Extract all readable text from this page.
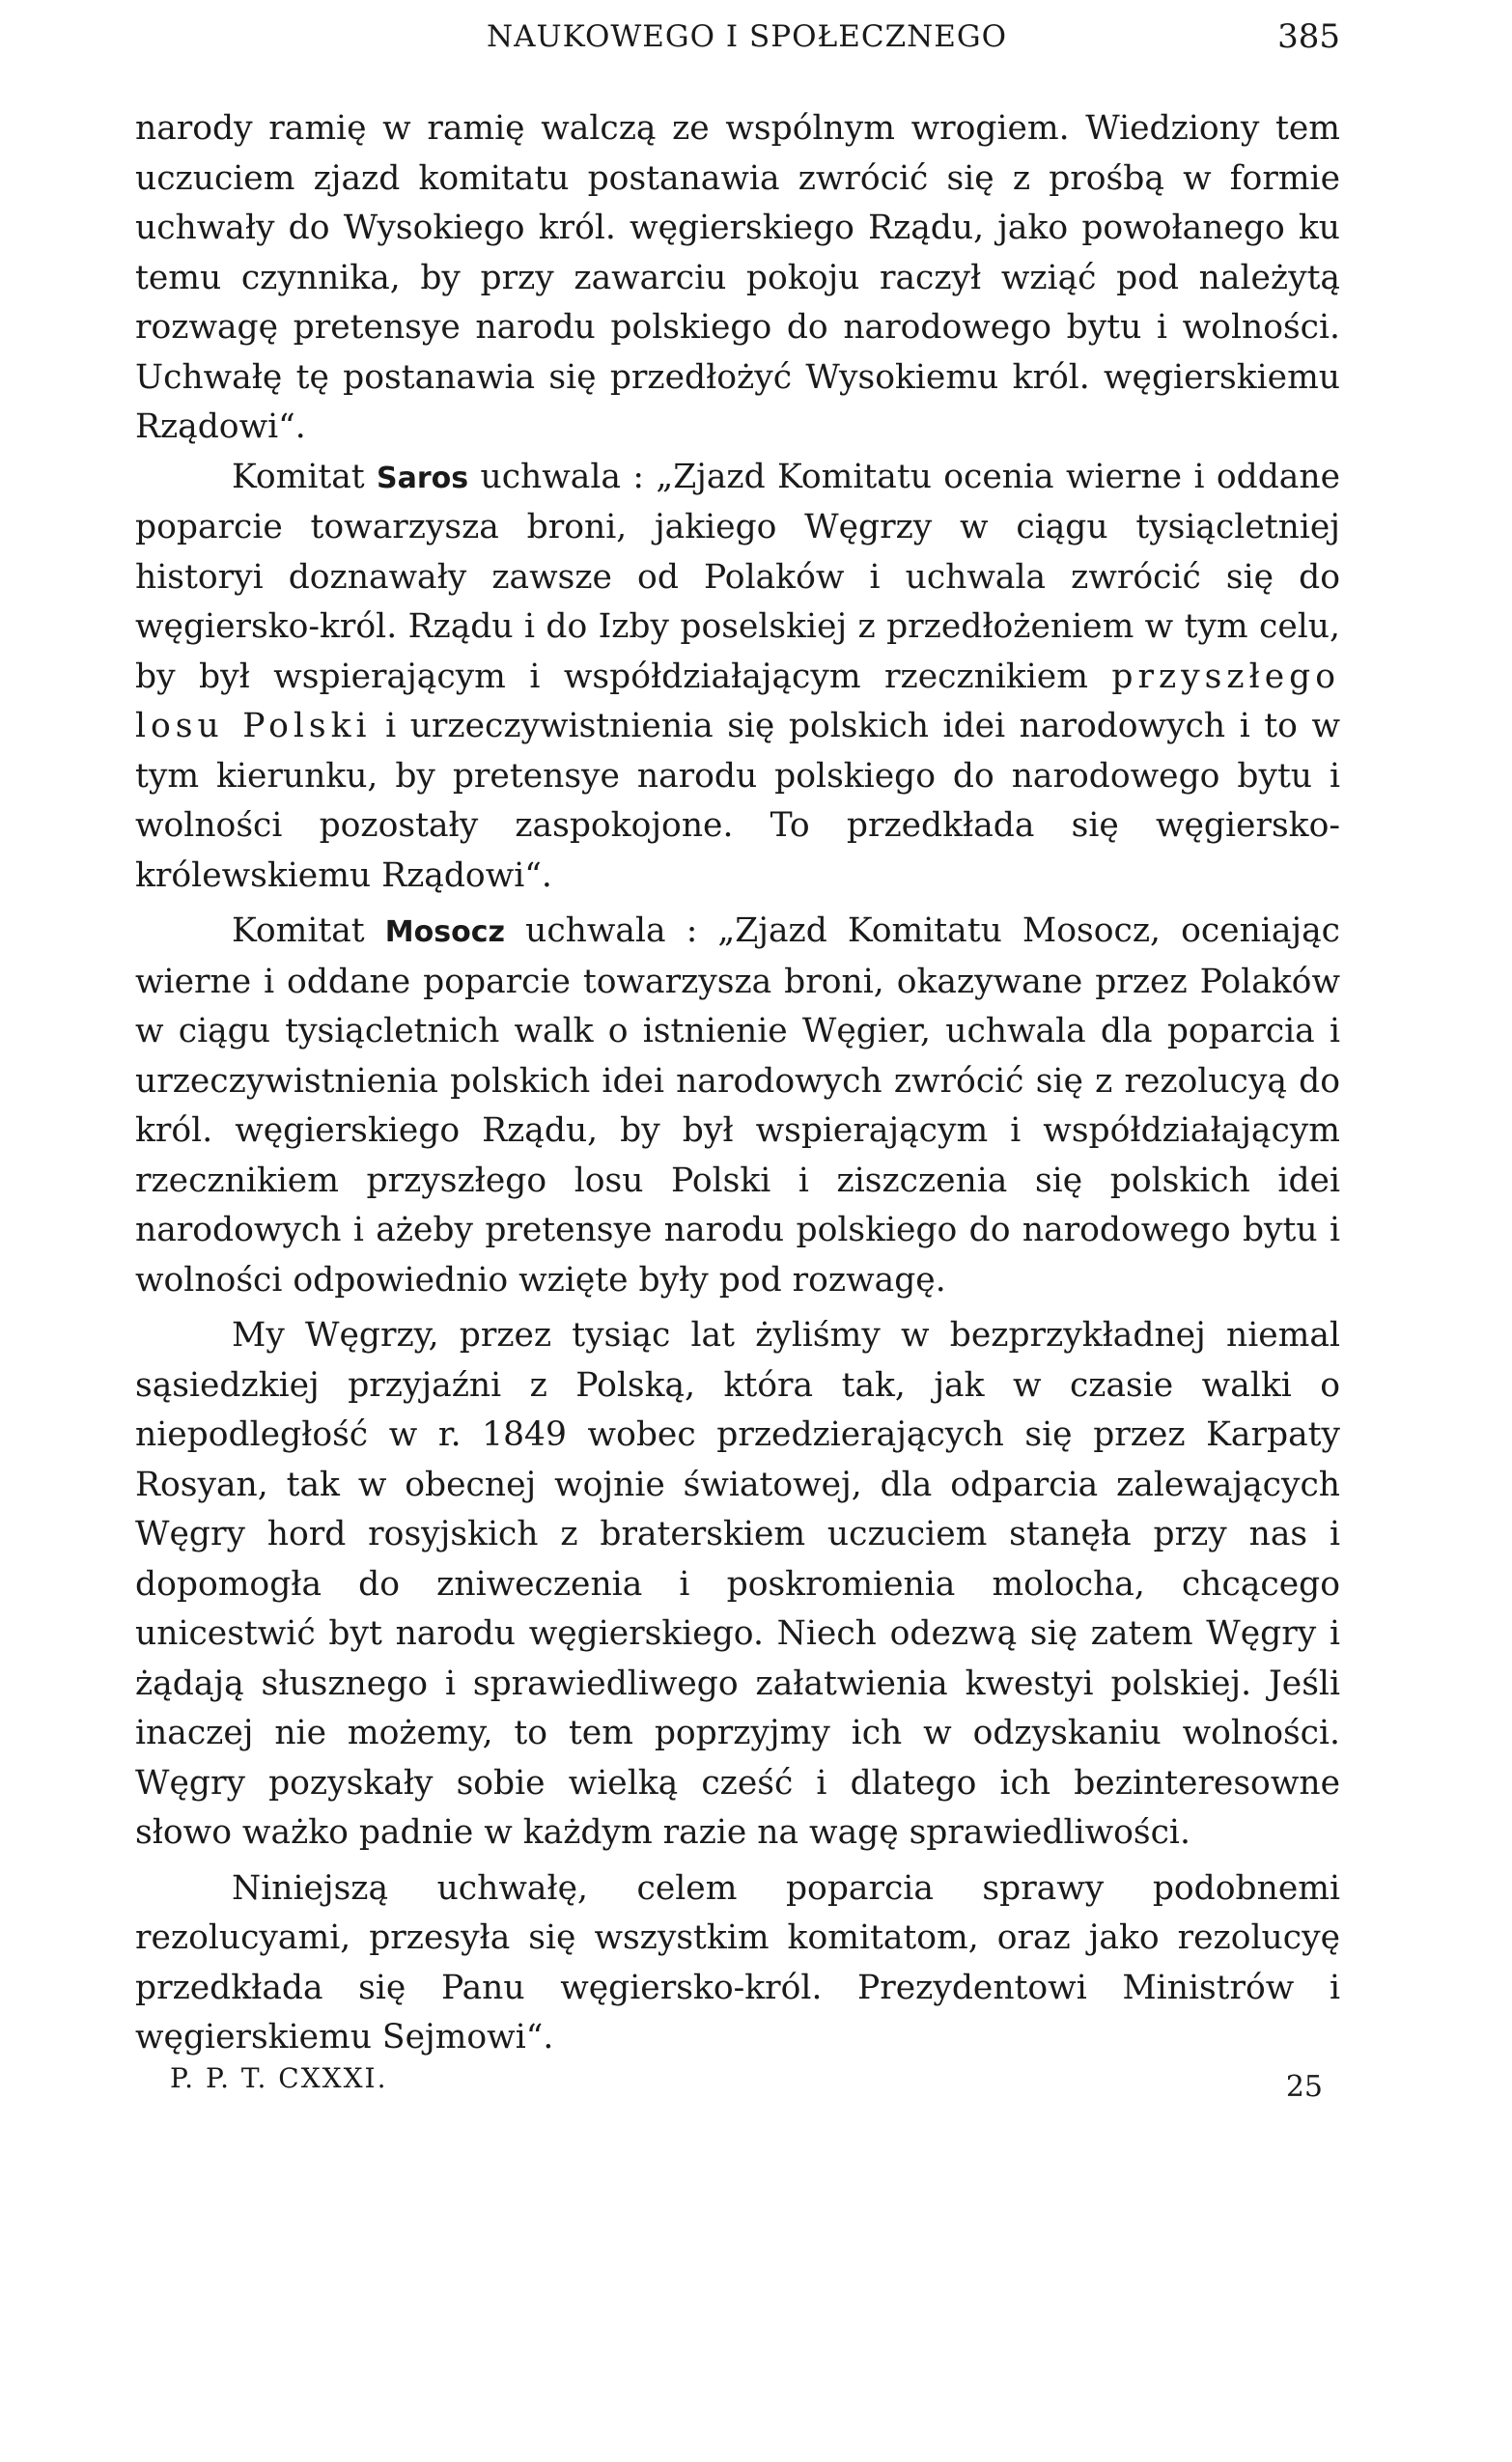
NAUKOWEGO I SPOŁECZNEGO	385

narody ramię w ramię walczą ze wspólnym wrogiem. Wiedziony tem uczuciem zjazd komitatu postanawia zwrócić się z prośbą w formie uchwały do Wysokiego król. węgierskiego Rządu, jako powołanego ku temu czynnika, by przy zawarciu pokoju raczył wziąć pod należytą rozwagę pretensye narodu polskiego do narodowego bytu i wolności. Uchwałę tę postanawia się przedłożyć Wysokiemu król. węgierskiemu Rządowi“.

Komitat Saros uchwala : „Zjazd Komitatu ocenia wierne i oddane poparcie towarzysza broni, jakiego Węgrzy w ciągu tysiącletniej historyi doznawały zawsze od Polaków i uchwala zwrócić się do węgiersko-król. Rządu i do Izby poselskiej z przedłożeniem w tym celu, by był wspierającym i współdziałającym rzecznikiem przyszłego losu Polski i urzeczywistnienia się polskich idei narodowych i to w tym kierunku, by pretensye narodu polskiego do narodowego bytu i wolności pozostały zaspokojone. To przedkłada się węgiersko-królewskiemu Rządowi“.

Komitat Mosocz uchwala : „Zjazd Komitatu Mosocz, oceniając wierne i oddane poparcie towarzysza broni, okazywane przez Polaków w ciągu tysiącletnich walk o istnienie Węgier, uchwala dla poparcia i urzeczywistnienia polskich idei narodowych zwrócić się z rezolucyą do król. węgierskiego Rządu, by był wspierającym i współdziałającym rzecznikiem przyszłego losu Polski i ziszczenia się polskich idei narodowych i ażeby pretensye narodu polskiego do narodowego bytu i wolności odpowiednio wzięte były pod rozwagę.

My Węgrzy, przez tysiąc lat żyliśmy w bezprzykładnej niemal sąsiedzkiej przyjaźni z Polską, która tak, jak w czasie walki o niepodległość w r. 1849 wobec przedzierających się przez Karpaty Rosyan, tak w obecnej wojnie światowej, dla odparcia zalewających Węgry hord rosyjskich z braterskiem uczuciem stanęła przy nas i dopomogła do zniweczenia i poskromienia molocha, chcącego unicestwić byt narodu węgierskiego. Niech odezwą się zatem Węgry i żądają słusznego i sprawiedliwego załatwienia kwestyi polskiej. Jeśli inaczej nie możemy, to tem poprzyjmy ich w odzyskaniu wolności. Węgry pozyskały sobie wielką cześć i dlatego ich bezinteresowne słowo ważko padnie w każdym razie na wagę sprawiedliwości.

Niniejszą uchwałę, celem poparcia sprawy podobnemi rezolucyami, przesyła się wszystkim komitatom, oraz jako rezolucyę przedkłada się Panu węgiersko-król. Prezydentowi Ministrów i węgierskiemu Sejmowi“.

P. P. T. CXXXI.	25
